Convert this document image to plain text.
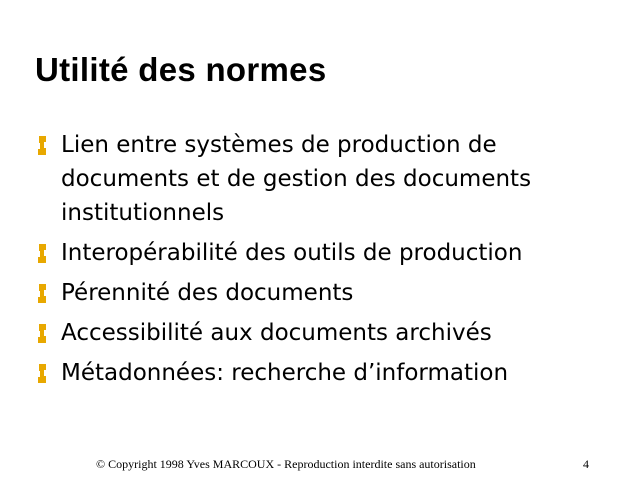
Utilité des normes
Lien entre systèmes de production de documents et de gestion des documents institutionnels
Interopérabilité des outils de production
Pérennité des documents
Accessibilité aux documents archivés
Métadonnées: recherche d’information
© Copyright 1998 Yves MARCOUX - Reproduction interdite sans autorisation	4
